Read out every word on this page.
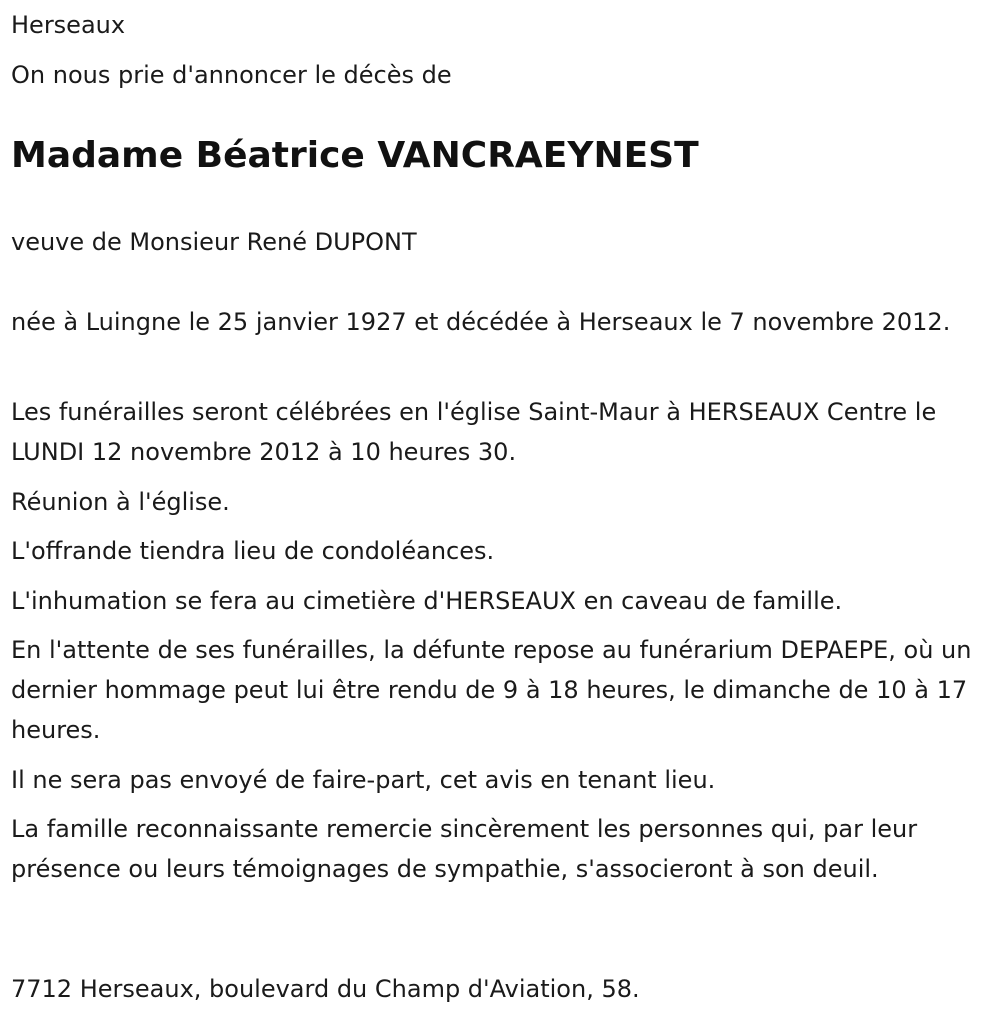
Herseaux
On nous prie d'annoncer le décès de
Madame Béatrice VANCRAEYNEST
veuve de Monsieur René DUPONT

née à Luingne le 25 janvier 1927 et décédée à Herseaux le 7 novembre 2012.

Les funérailles seront célébrées en l'église Saint-Maur à HERSEAUX Centre le LUNDI 12 novembre 2012 à 10 heures 30.

Réunion à l'église.

L'offrande tiendra lieu de condoléances.

L'inhumation se fera au cimetière d'HERSEAUX en caveau de famille.

En l'attente de ses funérailles, la défunte repose au funérarium DEPAEPE, où un dernier hommage peut lui être rendu de 9 à 18 heures, le dimanche de 10 à 17 heures.

Il ne sera pas envoyé de faire-part, cet avis en tenant lieu.

La famille reconnaissante remercie sincèrement les personnes qui, par leur présence ou leurs témoignages de sympathie, s'associeront à son deuil.

7712 Herseaux, boulevard du Champ d'Aviation, 58.
